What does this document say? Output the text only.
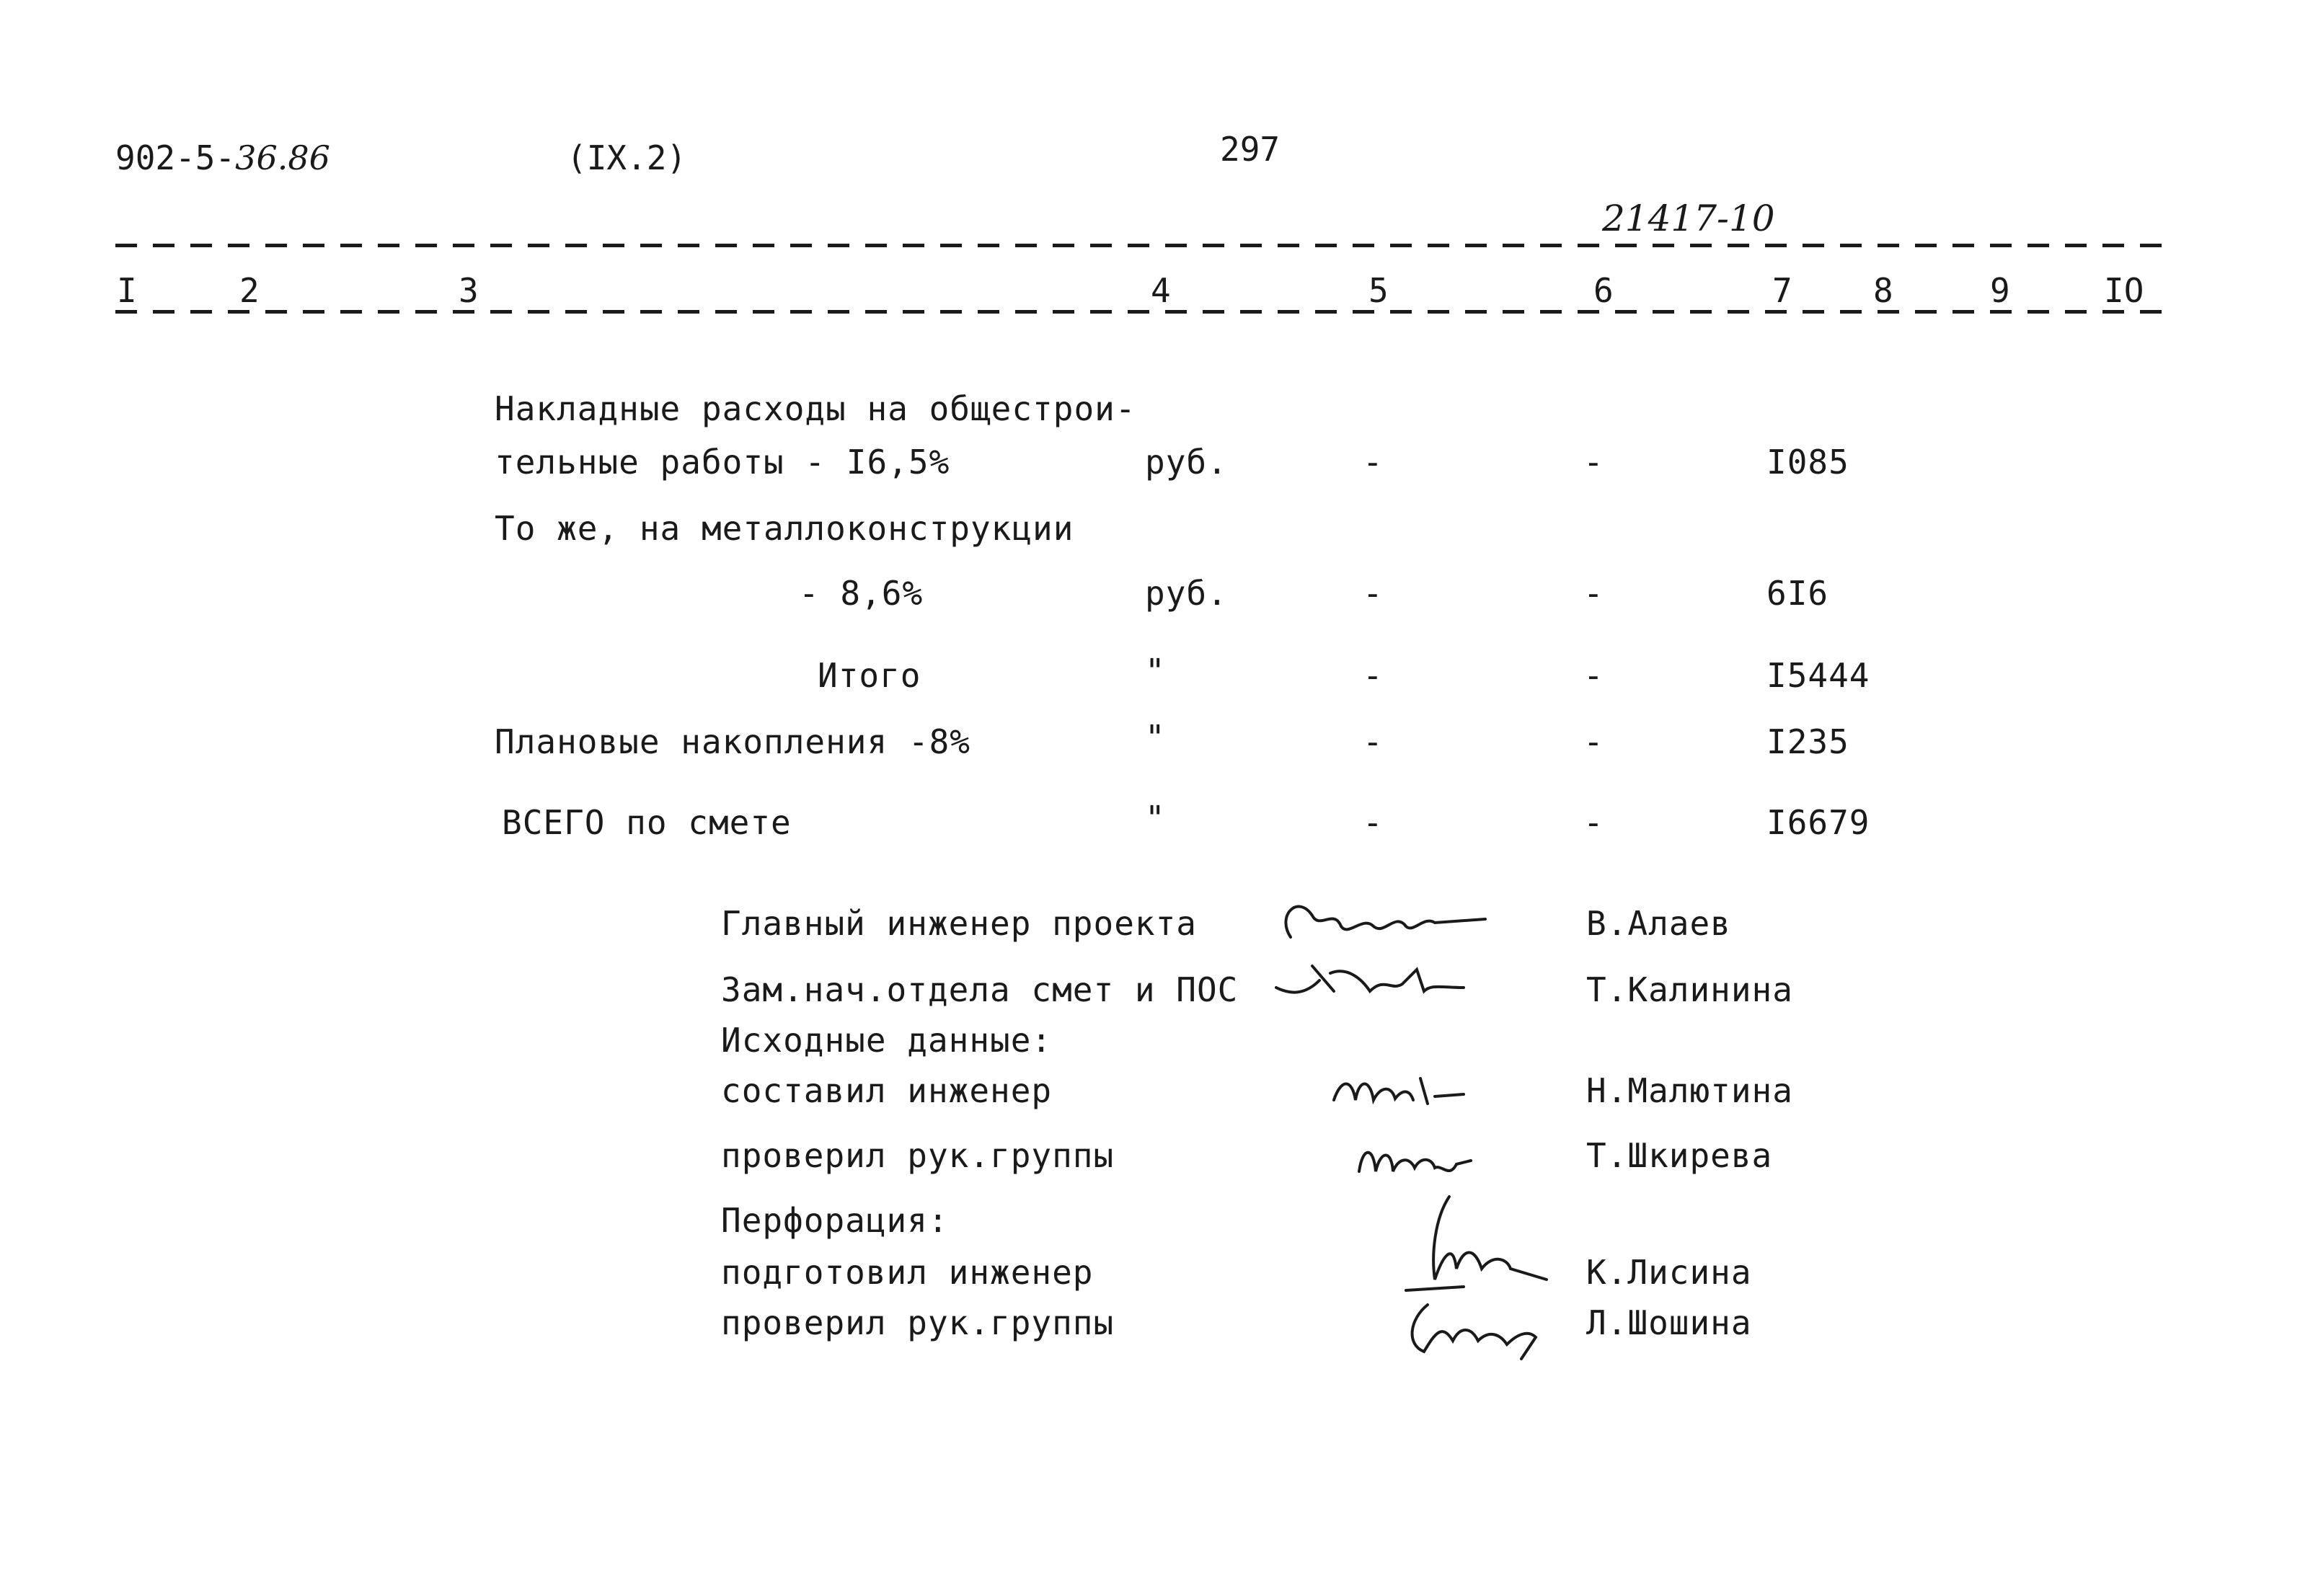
902-5-36.86	(IX.2)	297
21417-10
I	2	3	4	5	6	7 8	9	IO
Накладные расходы на общестрои-
тельные работы - I6,5%	руб.	-	-	I085
То же, на металлоконструкции
- 8,6%	руб.	-	-	6I6
Итого	"	-	-	I5444
Плановые накопления -8%	"	-	-	I235
ВСЕГО по смете	"	-	-	I6679
Главный инженер проекта	В.Алаев
Зам.нач.отдела смет и ПОС	Т.Калинина
Исходные данные:
составил инженер	Н.Малютина
проверил рук.группы	Т.Шкирева
Перфорация:
подготовил инженер	К.Лисина
проверил рук.группы	Л.Шошина
